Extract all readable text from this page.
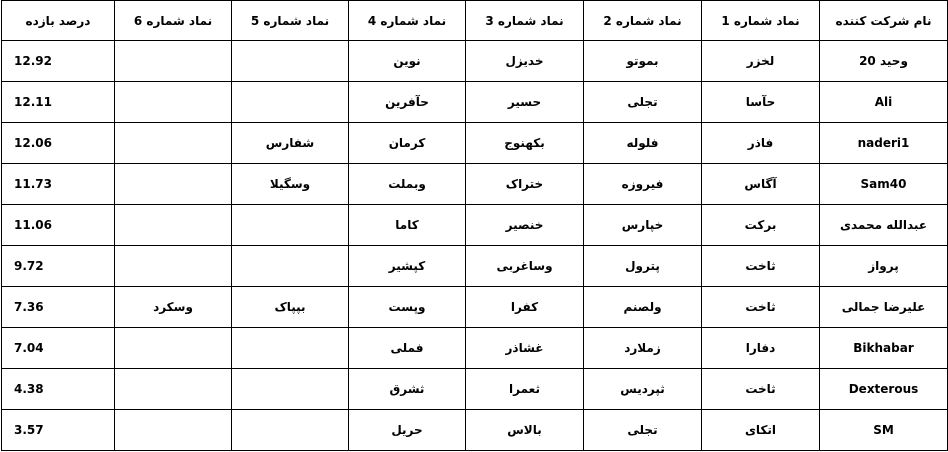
نام شرکت کننده	نماد شماره 1	نماد شماره 2	نماد شماره 3	نماد شماره 4	نماد شماره 5	نماد شماره 6	درصد بازده
وحید 20	لخزر	بموتو	خدیزل	نوین			12.92
Ali	حآسا	تجلی	حسیر	حآفرین			12.11
naderi1	فاذر	فلوله	بکهنوج	کرمان	شفارس		12.06
Sam40	آگاس	فیروزه	ختراک	وبملت	وسگیلا		11.73
عبدالله محمدی	برکت	خپارس	خنصیر	کاما			11.06
پرواز	ثاخت	پترول	وساغربی	کپشیر			9.72
علیرضا جمالی	ثاخت	ولصنم	کفرا	وپست	بپپاک	وسکرد	7.36
Bikhabar	دفارا	زملارد	غشاذر	فملی			7.04
Dexterous	ثاخت	ثپردیس	ثعمرا	ثشرق			4.38
SM	اتکای	تجلی	بالاس	حریل			3.57
